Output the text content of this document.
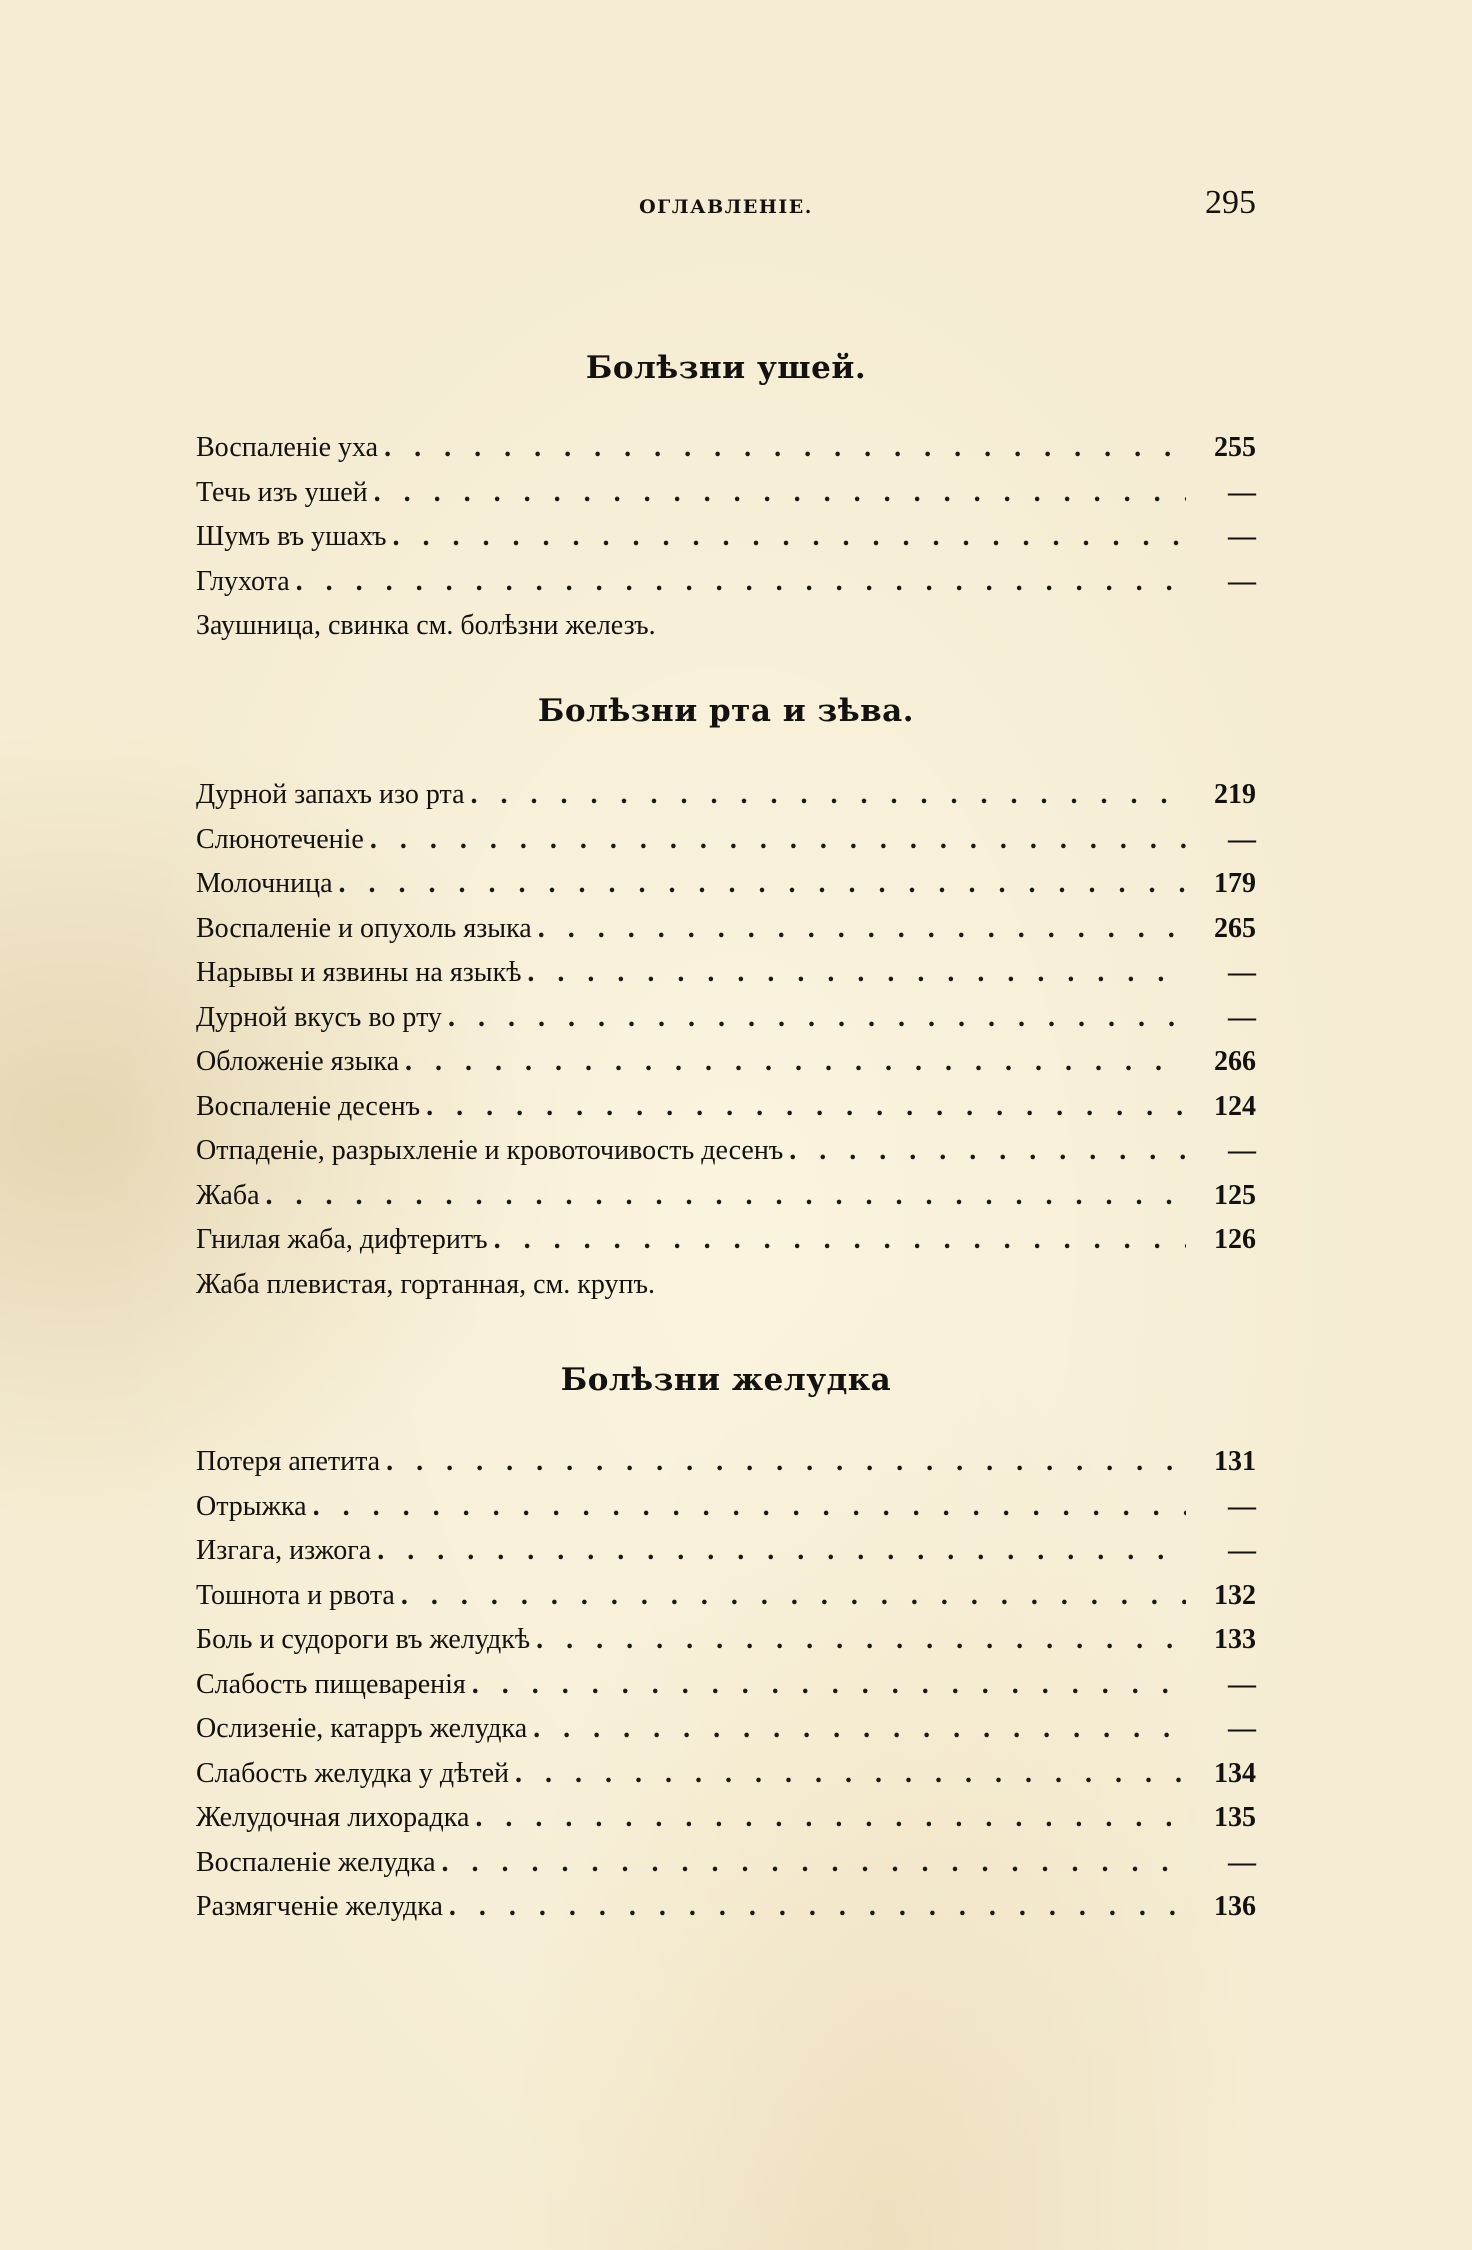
ОГЛАВЛЕНІЕ.	295
Болѣзни ушей.
Воспаленіе уха . . .	255
Течь изъ ушей . . .	—
Шумъ въ ушахъ . . .	—
Глухота . . .	—
Заушница, свинка см. болѣзни железъ.
Болѣзни рта и зѣва.
Дурной запахъ изо рта . . .	219
Слюнотеченіе . . .	—
Молочница . . .	179
Воспаленіе и опухоль языка . . .	265
Нарывы и язвины на языкѣ . . .	—
Дурной вкусъ во рту . . .	—
Обложеніе языка . . .	266
Воспаленіе десенъ . . .	124
Отпаденіе, разрыхленіе и кровоточивость десенъ . . .	—
Жаба . . .	125
Гнилая жаба, дифтеритъ . . .	126
Жаба плевистая, гортанная, см. крупъ.
Болѣзни желудка
Потеря апетита . . .	131
Отрыжка . . .	—
Изгага, изжога . . .	—
Тошнота и рвота . . .	132
Боль и судороги въ желудкѣ . . .	133
Слабость пищеваренія . . .	—
Ослизеніе, катарръ желудка . . .	—
Слабость желудка у дѣтей . . .	134
Желудочная лихорадка . . .	135
Воспаленіе желудка . . .	—
Размягченіе желудка . . .	136
